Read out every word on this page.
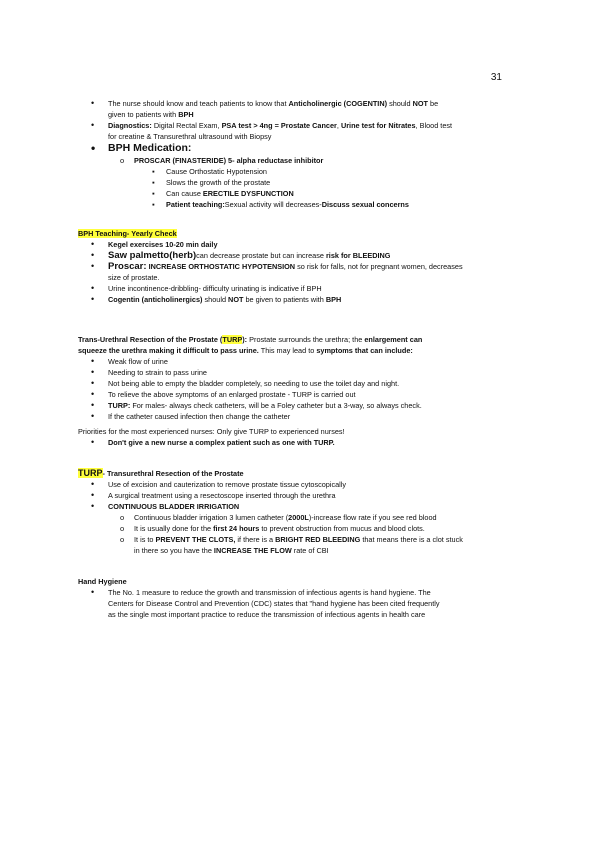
31
• The nurse should know and teach patients to know that Anticholinergic (COGENTIN) should NOT be
given to patients with BPH
• Diagnostics: Digital Rectal Exam, PSA test > 4ng = Prostate Cancer, Urine test for Nitrates, Blood test
for creatine & Transurethral ultrasound with Biopsy
• BPH Medication:
o PROSCAR (FINASTERIDE) 5- alpha reductase inhibitor
▪ Cause Orthostatic Hypotension
▪ Slows the growth of the prostate
▪ Can cause ERECTILE DYSFUNCTION
▪ Patient teaching:Sexual activity will decreases-Discuss sexual concerns
BPH Teaching- Yearly Check
• Kegel exercises 10-20 min daily
• Saw palmetto(herb)can decrease prostate but can increase risk for BLEEDING
• Proscar: INCREASE ORTHOSTATIC HYPOTENSION so risk for falls, not for pregnant women, decreases
size of prostate.
• Urine incontinence-dribbling- difficulty urinating is indicative if BPH
• Cogentin (anticholinergics) should NOT be given to patients with BPH
Trans-Urethral Resection of the Prostate (TURP): Prostate surrounds the urethra; the enlargement can
squeeze the urethra making it difficult to pass urine. This may lead to symptoms that can include:
• Weak flow of urine
• Needing to strain to pass urine
• Not being able to empty the bladder completely, so needing to use the toilet day and night.
• To relieve the above symptoms of an enlarged prostate - TURP is carried out
• TURP: For males- always check catheters, will be a Foley catheter but a 3-way, so always check.
• If the catheter caused infection then change the catheter
Priorities for the most experienced nurses: Only give TURP to experienced nurses!
• Don't give a new nurse a complex patient such as one with TURP.
TURP- Transurethral Resection of the Prostate
• Use of excision and cauterization to remove prostate tissue cytoscopically
• A surgical treatment using a resectoscope inserted through the urethra
• CONTINUOUS BLADDER IRRIGATION
o Continuous bladder irrigation 3 lumen catheter (2000L)-increase flow rate if you see red blood
o It is usually done for the first 24 hours to prevent obstruction from mucus and blood clots.
o It is to PREVENT THE CLOTS, if there is a BRIGHT RED BLEEDING that means there is a clot stuck
in there so you have the INCREASE THE FLOW rate of CBI
Hand Hygiene
• The No. 1 measure to reduce the growth and transmission of infectious agents is hand hygiene. The
Centers for Disease Control and Prevention (CDC) states that "hand hygiene has been cited frequently
as the single most important practice to reduce the transmission of infectious agents in health care
